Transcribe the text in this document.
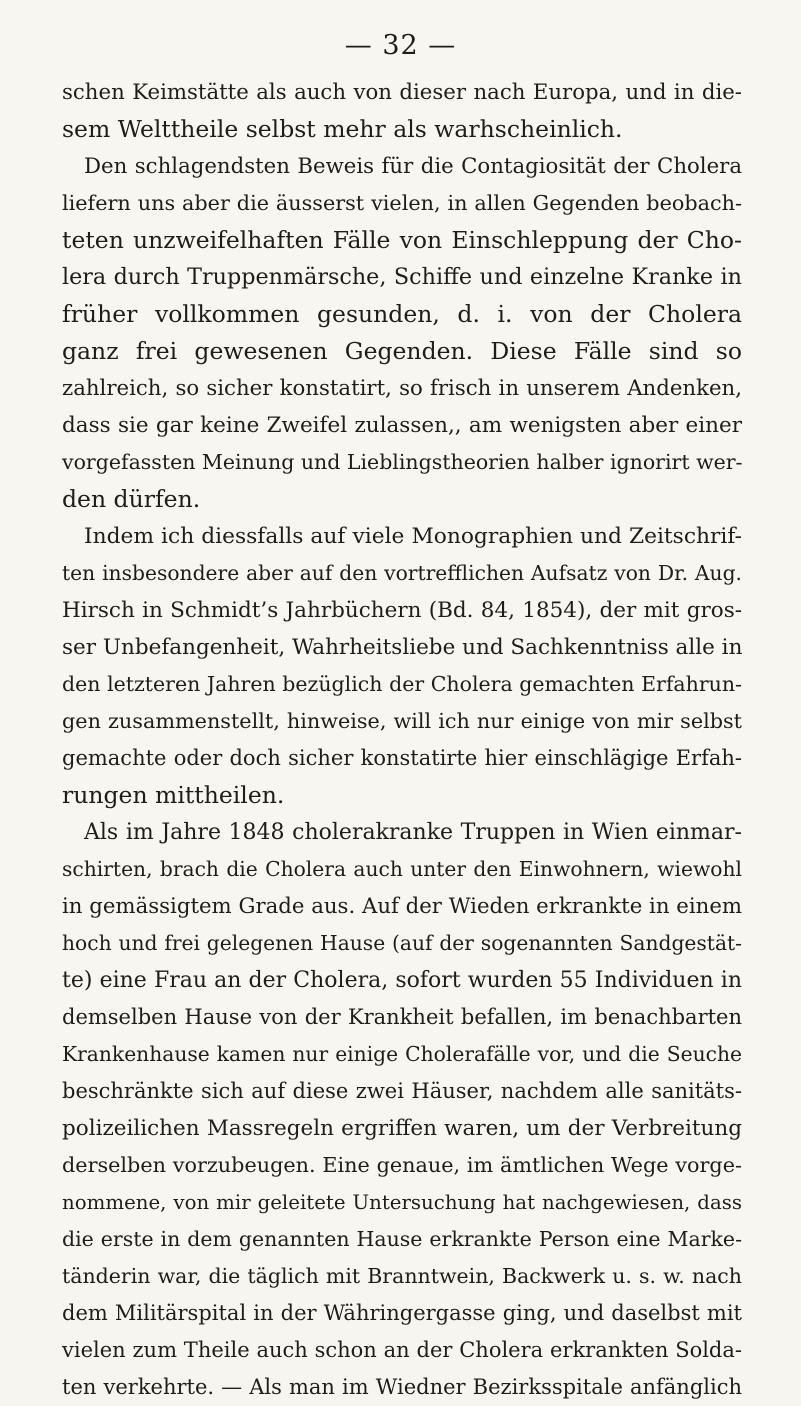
— 32 —
schen Keimstätte als auch von dieser nach Europa, und in die-
sem Welttheile selbst mehr als warhscheinlich.
Den schlagendsten Beweis für die Contagiosität der Cholera
liefern uns aber die äusserst vielen, in allen Gegenden beobach-
teten unzweifelhaften Fälle von Einschleppung der Cho-
lera durch Truppenmärsche, Schiffe und einzelne Kranke in
früher vollkommen gesunden, d. i. von der Cholera
ganz frei gewesenen Gegenden. Diese Fälle sind so
zahlreich, so sicher konstatirt, so frisch in unserem Andenken,
dass sie gar keine Zweifel zulassen,, am wenigsten aber einer
vorgefassten Meinung und Lieblingstheorien halber ignorirt wer-
den dürfen.
Indem ich diessfalls auf viele Monographien und Zeitschrif-
ten insbesondere aber auf den vortrefflichen Aufsatz von Dr. Aug.
Hirsch in Schmidt’s Jahrbüchern (Bd. 84, 1854), der mit gros-
ser Unbefangenheit, Wahrheitsliebe und Sachkenntniss alle in
den letzteren Jahren bezüglich der Cholera gemachten Erfahrun-
gen zusammenstellt, hinweise, will ich nur einige von mir selbst
gemachte oder doch sicher konstatirte hier einschlägige Erfah-
rungen mittheilen.
Als im Jahre 1848 cholerakranke Truppen in Wien einmar-
schirten, brach die Cholera auch unter den Einwohnern, wiewohl
in gemässigtem Grade aus. Auf der Wieden erkrankte in einem
hoch und frei gelegenen Hause (auf der sogenannten Sandgestät-
te) eine Frau an der Cholera, sofort wurden 55 Individuen in
demselben Hause von der Krankheit befallen, im benachbarten
Krankenhause kamen nur einige Cholerafälle vor, und die Seuche
beschränkte sich auf diese zwei Häuser, nachdem alle sanitäts-
polizeilichen Massregeln ergriffen waren, um der Verbreitung
derselben vorzubeugen. Eine genaue, im ämtlichen Wege vorge-
nommene, von mir geleitete Untersuchung hat nachgewiesen, dass
die erste in dem genannten Hause erkrankte Person eine Marke-
tänderin war, die täglich mit Branntwein, Backwerk u. s. w. nach
dem Militärspital in der Währingergasse ging, und daselbst mit
vielen zum Theile auch schon an der Cholera erkrankten Solda-
ten verkehrte. — Als man im Wiedner Bezirksspitale anfänglich
